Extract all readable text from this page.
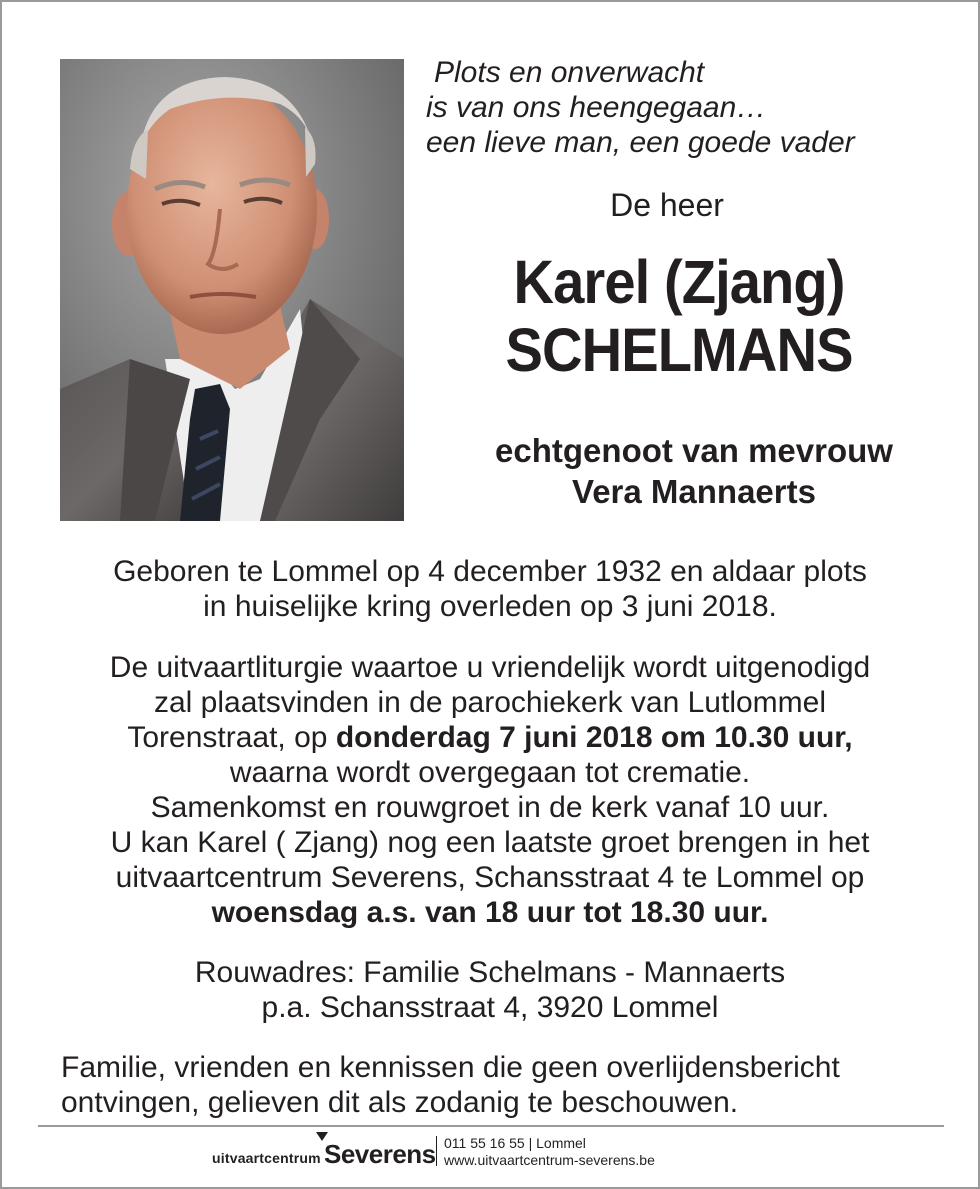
Plots en onverwacht
is van ons heengegaan…
een lieve man, een goede vader
De heer
Karel (Zjang)
SCHELMANS
echtgenoot van mevrouw
Vera Mannaerts
Geboren te Lommel op 4 december 1932 en aldaar plots
in huiselijke kring overleden op 3 juni 2018.
De uitvaartliturgie waartoe u vriendelijk wordt uitgenodigd
zal plaatsvinden in de parochiekerk van Lutlommel
Torenstraat, op donderdag 7 juni 2018 om 10.30 uur,
waarna wordt overgegaan tot crematie.
Samenkomst en rouwgroet in de kerk vanaf 10 uur.
U kan Karel ( Zjang) nog een laatste groet brengen in het
uitvaartcentrum Severens, Schansstraat 4 te Lommel op
woensdag a.s. van 18 uur tot 18.30 uur.
Rouwadres: Familie Schelmans - Mannaerts
p.a. Schansstraat 4, 3920 Lommel
Familie, vrienden en kennissen die geen overlijdensbericht
ontvingen, gelieven dit als zodanig te beschouwen.
uitvaartcentrum Severens 011 55 16 55 | Lommel
www.uitvaartcentrum-severens.be
